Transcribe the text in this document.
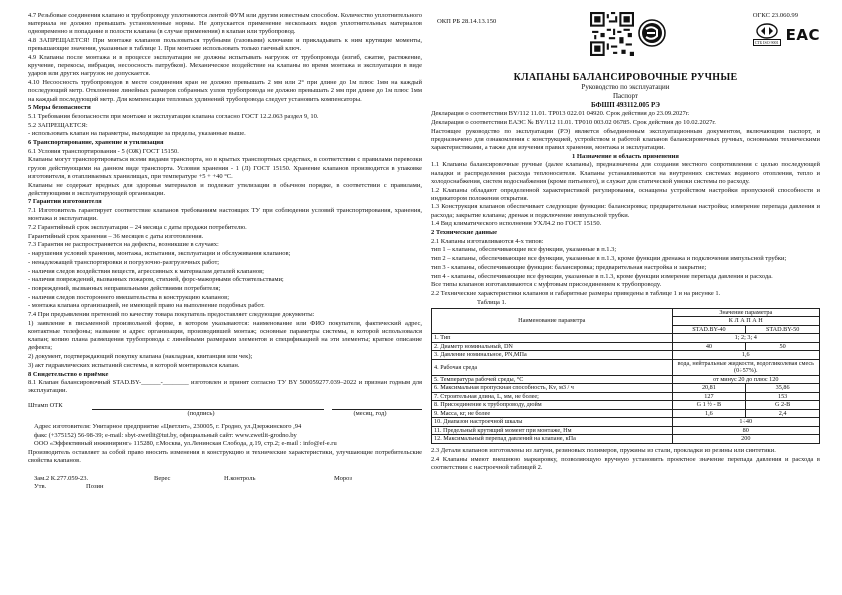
4.7 Резьбовые соединения клапано и трубопроводу уплотняются лентой ФУМ или другим известным способом. Количество уплотнительного материала не должно превышать установленные нормы. Не допускается применение нескольких видов уплотнительных материалов одновременно и попадание в полости клапана (в случае применения) в клапан или трубопровод.

4.8 ЗАПРЕЩАЕТСЯ! При монтаже клапанов пользоваться трубными (газовыми) ключами и прикладывать к ним крутящие моменты, превышающие значения, указанные в таблице 1. При монтаже использовать только гаечный ключ.

4.9 Клапаны после монтажа и в процессе эксплуатации не должны испытывать нагрузок от трубопровода (изгиб, сжатие, растяжение, кручение, перекосы, вибрация, несоосность патрубков). Механическое воздействие на клапаны во время монтажа и эксплуатации в виде ударов или других нагрузок не допускается.

4.10 Несоосность трубопроводов в месте соединения кран не должно превышать 2 мм или 2° при длине до 1м плюс 1мм на каждый последующий метр. Отклонение линейных размеров собранных узлов трубопровода не должно превышать 2 мм при длине до 1м плюс 1мм на каждый последующий метр. Для компенсации тепловых удлинений трубопровода следует установить компенсаторы.

5 Меры безопасности

5.1 Требования безопасности при монтаже и эксплуатации клапана согласно ГОСТ 12.2.063 раздел 9, 10.

5.2 ЗАПРЕЩАЕТСЯ:

- использовать клапан на параметры, выходящие за пределы, указанные выше.

6 Транспортирование, хранение и утилизация

6.1 Условия транспортирования - 5 (ОЖ) ГОСТ 15150.

Клапаны могут транспортироваться всеми видами транспорта, но в крытых транспортных средствах, в соответствии с правилами перевозки грузов действующими на данном виде транспорта. Условия хранения - 1 (Л) ГОСТ 15150. Хранение клапанов производится в упаковке изготовителя, в отапливаемых хранилищах, при температуре +5 + +40 °С.

Клапаны не содержат вредных для здоровья материалов и подлежат утилизации в обычном порядке, в соответствии с правилами, действующими в эксплуатирующей организации.

7 Гарантии изготовителя

7.1 Изготовитель гарантирует соответствие клапанов требованиям настоящих ТУ при соблюдении условий транспортирования, хранения, монтажа и эксплуатации.

7.2 Гарантийный срок эксплуатации – 24 месяца с даты продажи потребителю.

Гарантийный срок хранения – 36 месяцев с даты изготовления.

7.3 Гарантия не распространяется на дефекты, возникшие в случаях:

- нарушения условий хранения, монтажа, испытания, эксплуатации и обслуживания клапанов;

- ненадлежащей транспортировки и погрузочно-разгрузочных работ;

- наличия следов воздействия веществ, агрессивных к материалам деталей клапанов;

- наличия повреждений, вызванных пожаром, стихией, форс-мажорными обстоятельствами;

- повреждений, вызванных неправильными действиями потребителя;

- наличия следов постороннего вмешательства в конструкцию клапанов;

- монтажа клапана организацией, не имеющей право на выполнение подобных работ.

7.4 При предъявлении претензий по качеству товара покупатель предоставляет следующие документы:

1) заявление в письменной произвольной форме, в котором указываются: наименование или ФИО покупателя, фактический адрес, контактные телефоны; название и адрес организации, производившей монтаж; основные параметры системы, в которой использовался клапан; копию плана размещения трубопровода с линейными размерами элементов и спецификацией на эти элементы; краткое описание дефекта;

2) документ, подтверждающий покупку клапана (накладная, квитанция или чек);

3) акт гидравлических испытаний системы, в которой монтировался клапан.

8 Свидетельство о приёмке

8.1 Клапан балансировочный STAD.BY-______-________ изготовлен и принят согласно ТУ BY 500059277.039–2022 и признан годным для эксплуатации.

Штамп ОТК
(подпись)	(месяц, год)

Адрес изготовителя: Унитарное предприятие «Цветлит», 230005, г. Гродно, ул.Дзержинского ,94

факс (+375152) 56-98-39; e-mail: sbyt-zwetlit@tut.by, официальный сайт: www.zwetlit-grodno.by

ООО «Эффективный инжиниринг» 115280, г.Москва, ул.Ленинская Слобода, д.19, стр.2; e-mail : info@ef-e.ru

Производитель оставляет за собой право вносить изменения в конструкцию и технические характеристики, улучшающие потребительские свойства клапанов.

Зам.2 К.277.059-23.	Верес	Н.контроль	Мороз
Утв.	Позин
ОКП РБ 28.14.13.150
ОГКС 23.060.99
СТБ ISO 9001 ЕАС
КЛАПАНЫ БАЛАНСИРОВОЧНЫЕ РУЧНЫЕ
Руководство по эксплуатации
Паспорт
БФШП 493112.005 РЭ

Декларация о соответствии BY/112 11.01. ТР013 022.01 04920. Срок действия до 23.09.2027г.

Декларация о соответствии ЕАЭС № BY/112 11.01. ТР010 003.02 06785. Срок действия до 10.02.2027г.

Настоящее руководство по эксплуатации (РЭ) является объединенным эксплуатационным документом, включающим паспорт, и предназначено для ознакомления с конструкцией, устройством и работой клапанов балансировочных ручных, основными техническими характеристиками, а также для изучения правил хранения, монтажа и эксплуатации.

1 Назначение и область применения

1.1 Клапаны балансировочные ручные (далее клапаны), предназначены для создания местного сопротивления с целью последующей наладки и распределения расхода теплоносителя. Клапаны устанавливаются на внутренних системах водяного отопления, тепло и холодоснабжения, систем водоснабжения (кроме питьевого), и служат для статической увязки системы по расходу.

1.2 Клапаны обладают определенной характеристикой регулирования, оснащены устройством настройки пропускной способности и индикатором положения открытия.

1.3 Конструкция клапанов обеспечивает следующие функции: балансировка; предварительная настройка; измерение перепада давления и расхода; закрытие клапана; дренаж и подключение импульсной трубки.

1.4 Вид климатического исполнения УХЛ4.2 по ГОСТ 15150.

2 Технические данные

2.1 Клапаны изготавливаются 4-х типов:

тип 1 – клапаны, обеспечивающие все функции, указанные в п.1.3;

тип 2 – клапаны, обеспечивающие все функции, указанные в п.1.3, кроме функции дренажа и подключения импульсной трубки;

тип 3 - клапаны, обеспечивающие функции: балансировка; предварительная настройка и закрытие;

тип 4 - клапаны, обеспечивающие все функции, указанные в п.1.3, кроме функции измерение перепада давления и расхода.

Все типы клапанов изготавливаются с муфтовым присоединением к трубопроводу.

2.2 Технические характеристики клапанов и габаритные размеры приведены в таблице 1 и на рисунке 1.

Таблица 1.

Наименование параметра	Значение параметра	
	К Л А П А Н	
	STAD.BY-40	STAD.BY-50
1. Тип	1; 2; 3; 4	
2. Диаметр номинальный, DN	40	50
3. Давление номинальное, PN,МПа	1,6	
4. Рабочая среда	вода, нейтральные жидкости, водогликолевая смесь (0÷57%).	
5. Температура рабочей среды, °С	от минус 20 до плюс 120	
6. Максимальная пропускная способность, Kv, м3 / ч	20,81	35,86
7. Строительная длина, L, мм, не более;	127	153
8. Присоединение к трубопроводу, дюйм	G 1 ½ - B	G 2-B
9. Масса, кг, не более	1,6	2,4
10. Диапазон настроечной шкалы	1÷40	
11. Предельный крутящий момент при монтаже, Нм	80	
12. Максимальный перепад давлений на клапане, кПа	200	

2.3 Детали клапанов изготовлены из латуни, резиновых полимеров, пружины из стали, прокладки из резины или синтетики.

2.4 Клапаны имеют внешнюю маркировку, позволяющую вручную установить проектное значение перепада давления и расхода в соответствии с настроечной таблицей 2.
